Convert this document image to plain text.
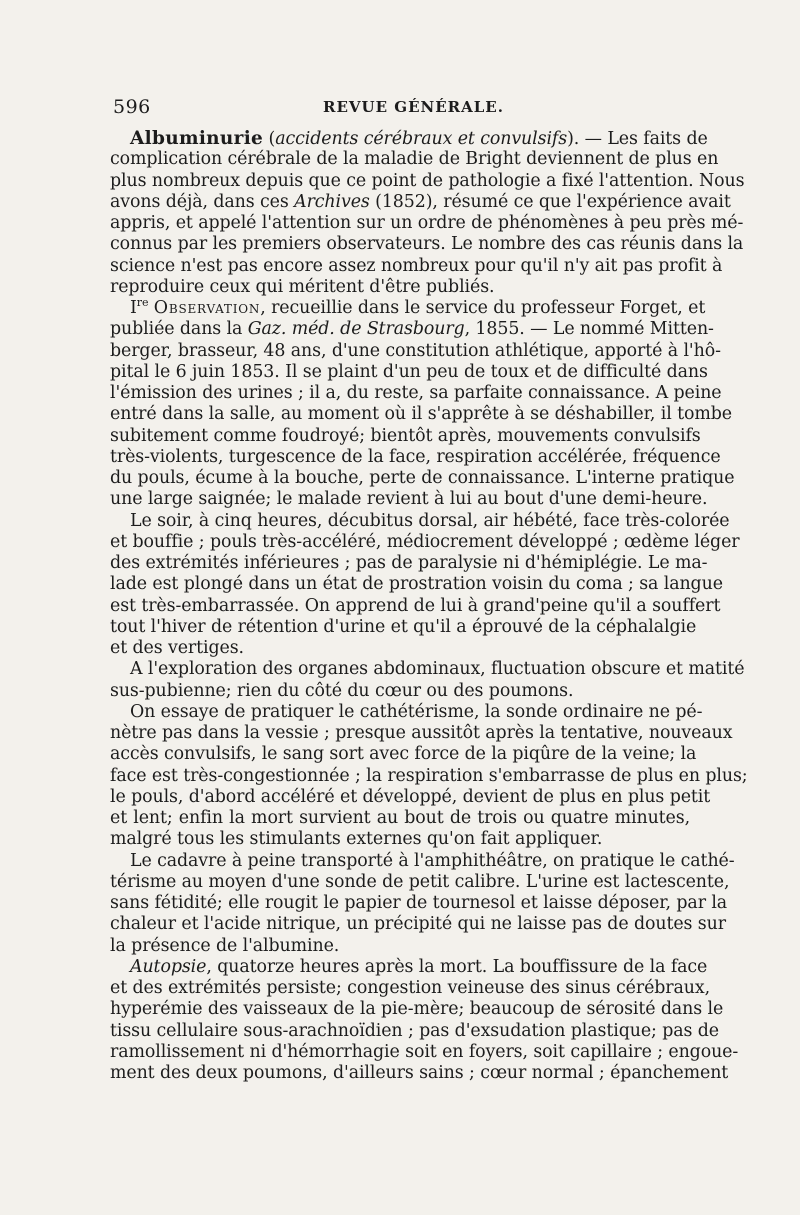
596	REVUE GÉNÉRALE.
Albuminurie (accidents cérébraux et convulsifs). — Les faits de
complication cérébrale de la maladie de Bright deviennent de plus en
plus nombreux depuis que ce point de pathologie a fixé l'attention. Nous
avons déjà, dans ces Archives (1852), résumé ce que l'expérience avait
appris, et appelé l'attention sur un ordre de phénomènes à peu près mé-
connus par les premiers observateurs. Le nombre des cas réunis dans la
science n'est pas encore assez nombreux pour qu'il n'y ait pas profit à
reproduire ceux qui méritent d'être publiés.
Ire Observation, recueillie dans le service du professeur Forget, et
publiée dans la Gaz. méd. de Strasbourg, 1855. — Le nommé Mitten-
berger, brasseur, 48 ans, d'une constitution athlétique, apporté à l'hô-
pital le 6 juin 1853. Il se plaint d'un peu de toux et de difficulté dans
l'émission des urines ; il a, du reste, sa parfaite connaissance. A peine
entré dans la salle, au moment où il s'apprête à se déshabiller, il tombe
subitement comme foudroyé; bientôt après, mouvements convulsifs
très-violents, turgescence de la face, respiration accélérée, fréquence
du pouls, écume à la bouche, perte de connaissance. L'interne pratique
une large saignée; le malade revient à lui au bout d'une demi-heure.
Le soir, à cinq heures, décubitus dorsal, air hébété, face très-colorée
et bouffie ; pouls très-accéléré, médiocrement développé ; œdème léger
des extrémités inférieures ; pas de paralysie ni d'hémiplégie. Le ma-
lade est plongé dans un état de prostration voisin du coma ; sa langue
est très-embarrassée. On apprend de lui à grand'peine qu'il a souffert
tout l'hiver de rétention d'urine et qu'il a éprouvé de la céphalalgie
et des vertiges.
A l'exploration des organes abdominaux, fluctuation obscure et matité
sus-pubienne; rien du côté du cœur ou des poumons.
On essaye de pratiquer le cathétérisme, la sonde ordinaire ne pé-
nètre pas dans la vessie ; presque aussitôt après la tentative, nouveaux
accès convulsifs, le sang sort avec force de la piqûre de la veine; la
face est très-congestionnée ; la respiration s'embarrasse de plus en plus;
le pouls, d'abord accéléré et développé, devient de plus en plus petit
et lent; enfin la mort survient au bout de trois ou quatre minutes,
malgré tous les stimulants externes qu'on fait appliquer.
Le cadavre à peine transporté à l'amphithéâtre, on pratique le cathé-
térisme au moyen d'une sonde de petit calibre. L'urine est lactescente,
sans fétidité; elle rougit le papier de tournesol et laisse déposer, par la
chaleur et l'acide nitrique, un précipité qui ne laisse pas de doutes sur
la présence de l'albumine.
Autopsie, quatorze heures après la mort. La bouffissure de la face
et des extrémités persiste; congestion veineuse des sinus cérébraux,
hyperémie des vaisseaux de la pie-mère; beaucoup de sérosité dans le
tissu cellulaire sous-arachnoïdien ; pas d'exsudation plastique; pas de
ramollissement ni d'hémorrhagie soit en foyers, soit capillaire ; engoue-
ment des deux poumons, d'ailleurs sains ; cœur normal ; épanchement
